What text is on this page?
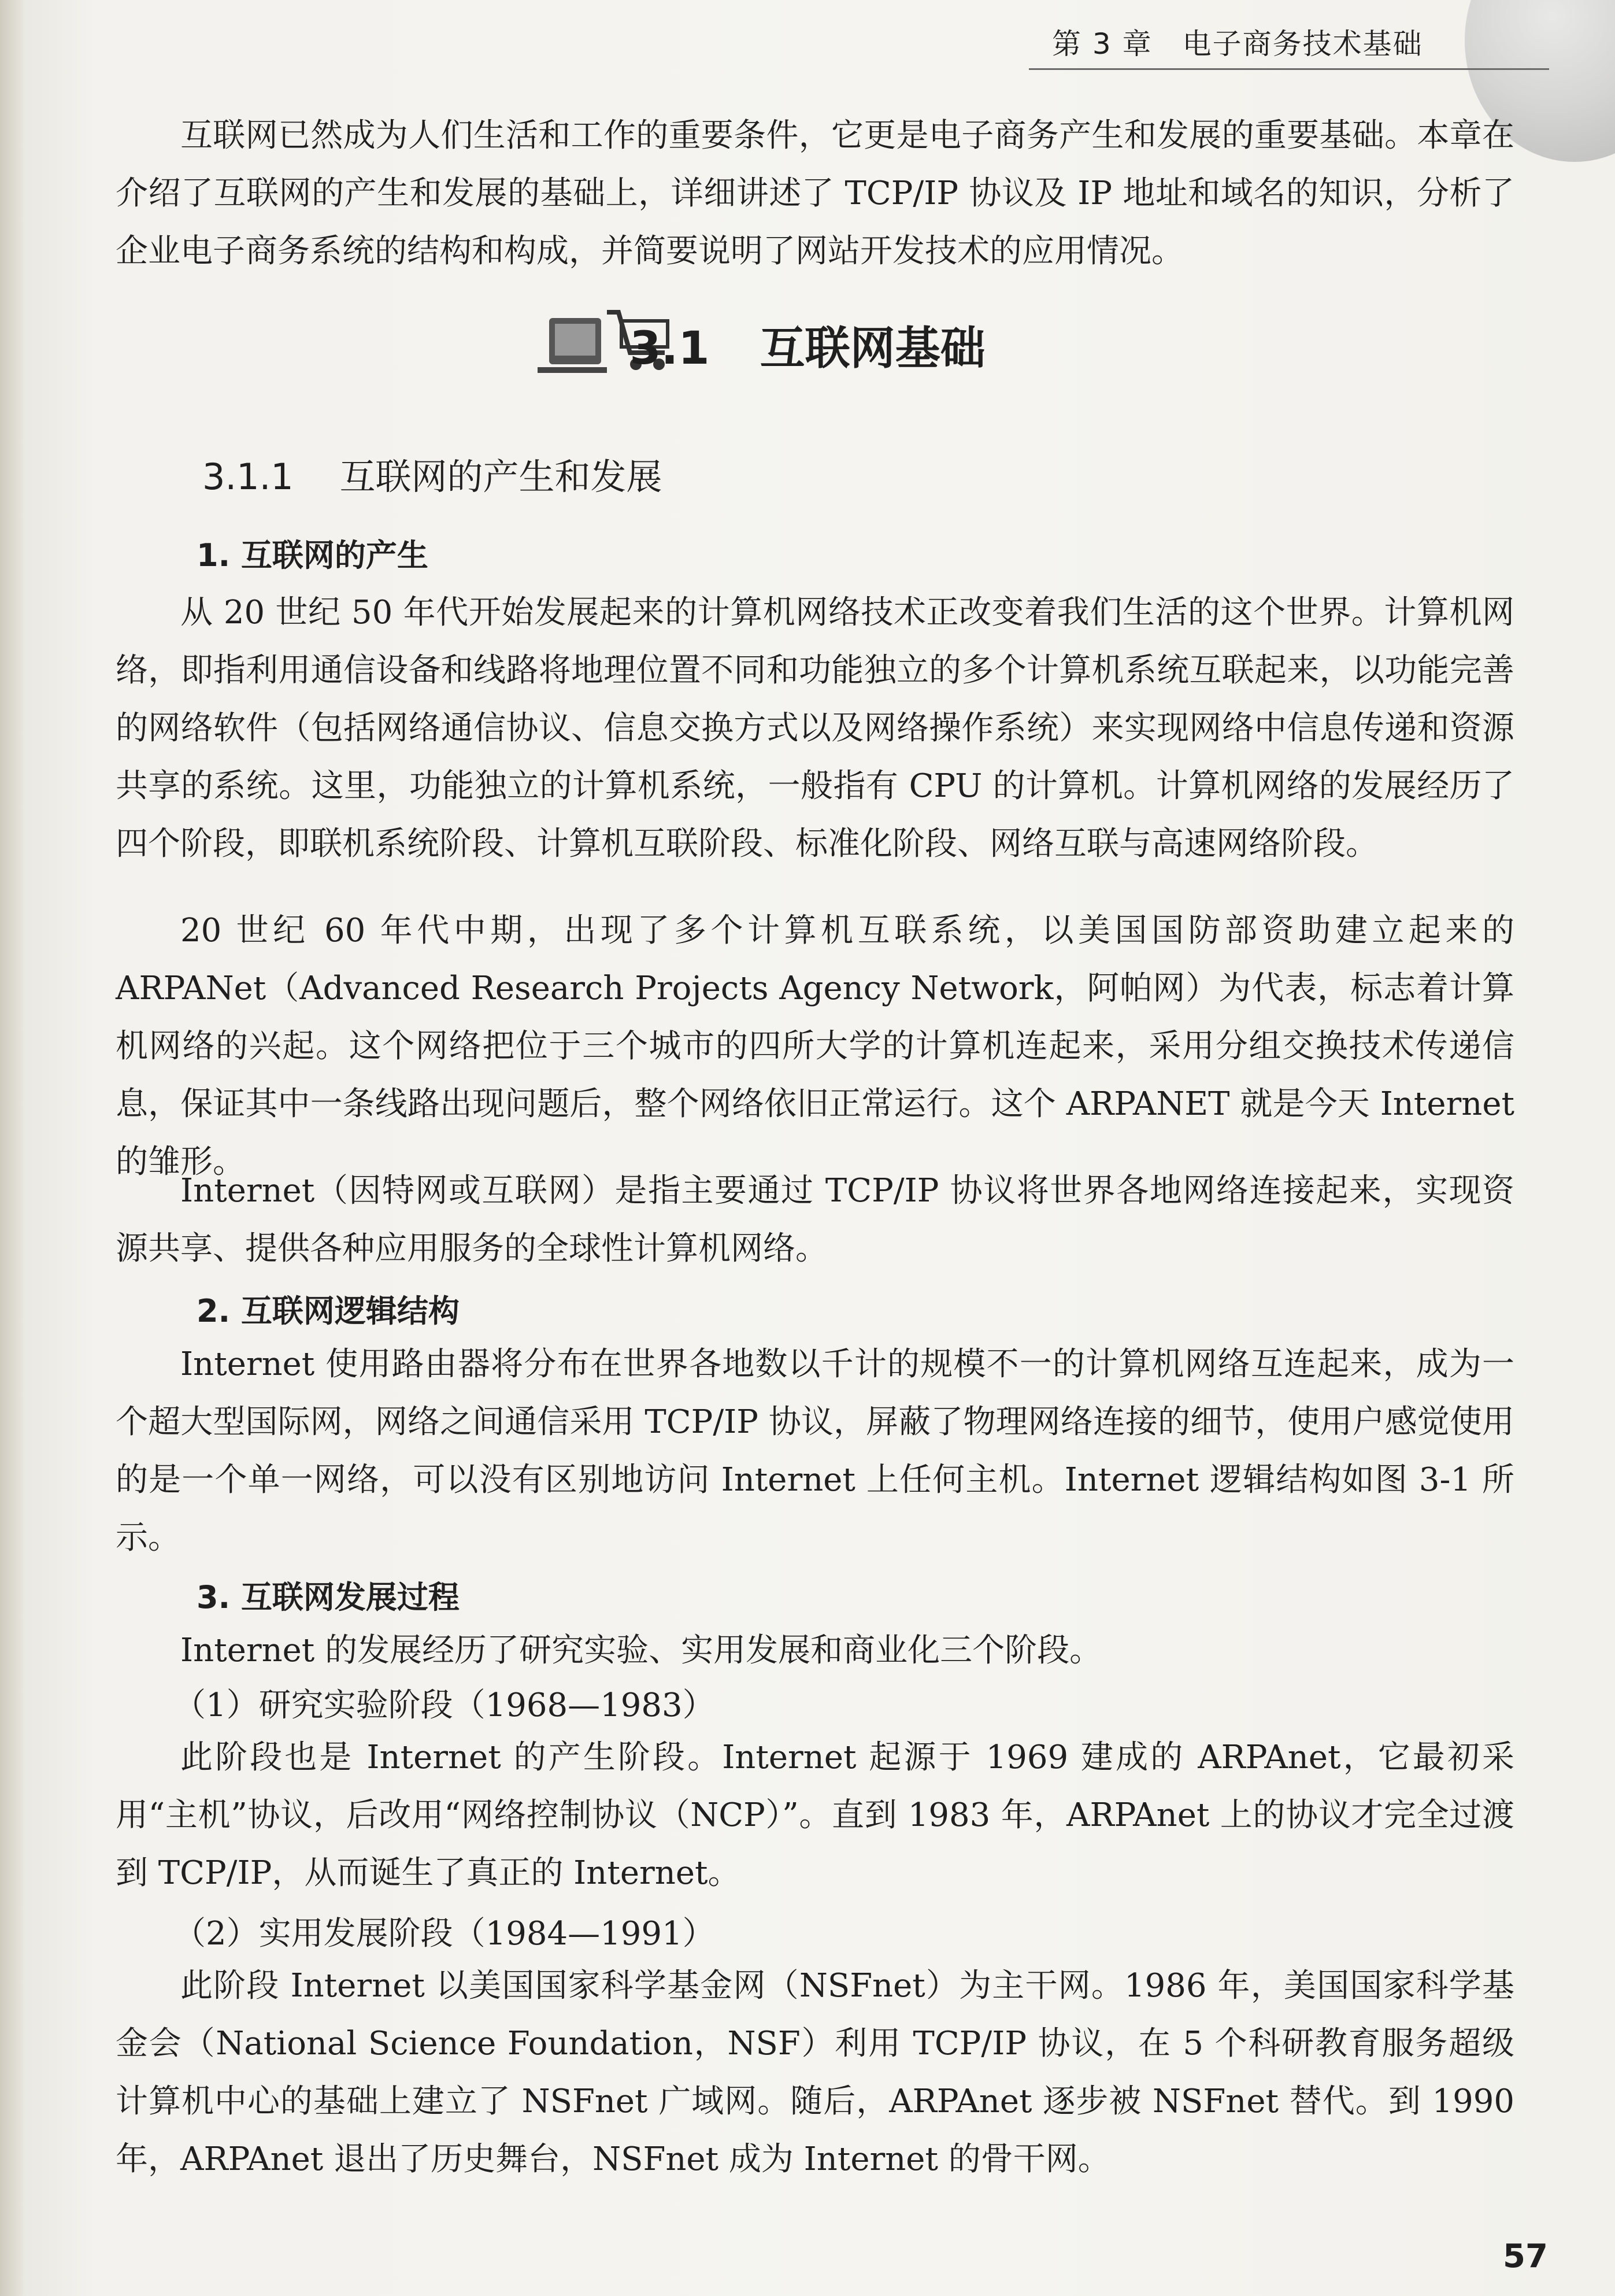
第 3 章　电子商务技术基础
互联网已然成为人们生活和工作的重要条件，它更是电子商务产生和发展的重要基础。本章在介绍了互联网的产生和发展的基础上，详细讲述了 TCP/IP 协议及 IP 地址和域名的知识，分析了企业电子商务系统的结构和构成，并简要说明了网站开发技术的应用情况。
3.1 互联网基础
3.1.1 互联网的产生和发展
1. 互联网的产生
从 20 世纪 50 年代开始发展起来的计算机网络技术正改变着我们生活的这个世界。计算机网络，即指利用通信设备和线路将地理位置不同和功能独立的多个计算机系统互联起来，以功能完善的网络软件（包括网络通信协议、信息交换方式以及网络操作系统）来实现网络中信息传递和资源共享的系统。这里，功能独立的计算机系统，一般指有 CPU 的计算机。计算机网络的发展经历了四个阶段，即联机系统阶段、计算机互联阶段、标准化阶段、网络互联与高速网络阶段。
20 世纪 60 年代中期，出现了多个计算机互联系统，以美国国防部资助建立起来的 ARPANet（Advanced Research Projects Agency Network，阿帕网）为代表，标志着计算机网络的兴起。这个网络把位于三个城市的四所大学的计算机连起来，采用分组交换技术传递信息，保证其中一条线路出现问题后，整个网络依旧正常运行。这个 ARPANET 就是今天 Internet 的雏形。
Internet（因特网或互联网）是指主要通过 TCP/IP 协议将世界各地网络连接起来，实现资源共享、提供各种应用服务的全球性计算机网络。
2. 互联网逻辑结构
Internet 使用路由器将分布在世界各地数以千计的规模不一的计算机网络互连起来，成为一个超大型国际网，网络之间通信采用 TCP/IP 协议，屏蔽了物理网络连接的细节，使用户感觉使用的是一个单一网络，可以没有区别地访问 Internet 上任何主机。Internet 逻辑结构如图 3-1 所示。
3. 互联网发展过程
Internet 的发展经历了研究实验、实用发展和商业化三个阶段。
（1）研究实验阶段（1968—1983）
此阶段也是 Internet 的产生阶段。Internet 起源于 1969 建成的 ARPAnet，它最初采用“主机”协议，后改用“网络控制协议（NCP）”。直到 1983 年，ARPAnet 上的协议才完全过渡到 TCP/IP，从而诞生了真正的 Internet。
（2）实用发展阶段（1984—1991）
此阶段 Internet 以美国国家科学基金网（NSFnet）为主干网。1986 年，美国国家科学基金会（National Science Foundation，NSF）利用 TCP/IP 协议，在 5 个科研教育服务超级计算机中心的基础上建立了 NSFnet 广域网。随后，ARPAnet 逐步被 NSFnet 替代。到 1990 年，ARPAnet 退出了历史舞台，NSFnet 成为 Internet 的骨干网。
57
